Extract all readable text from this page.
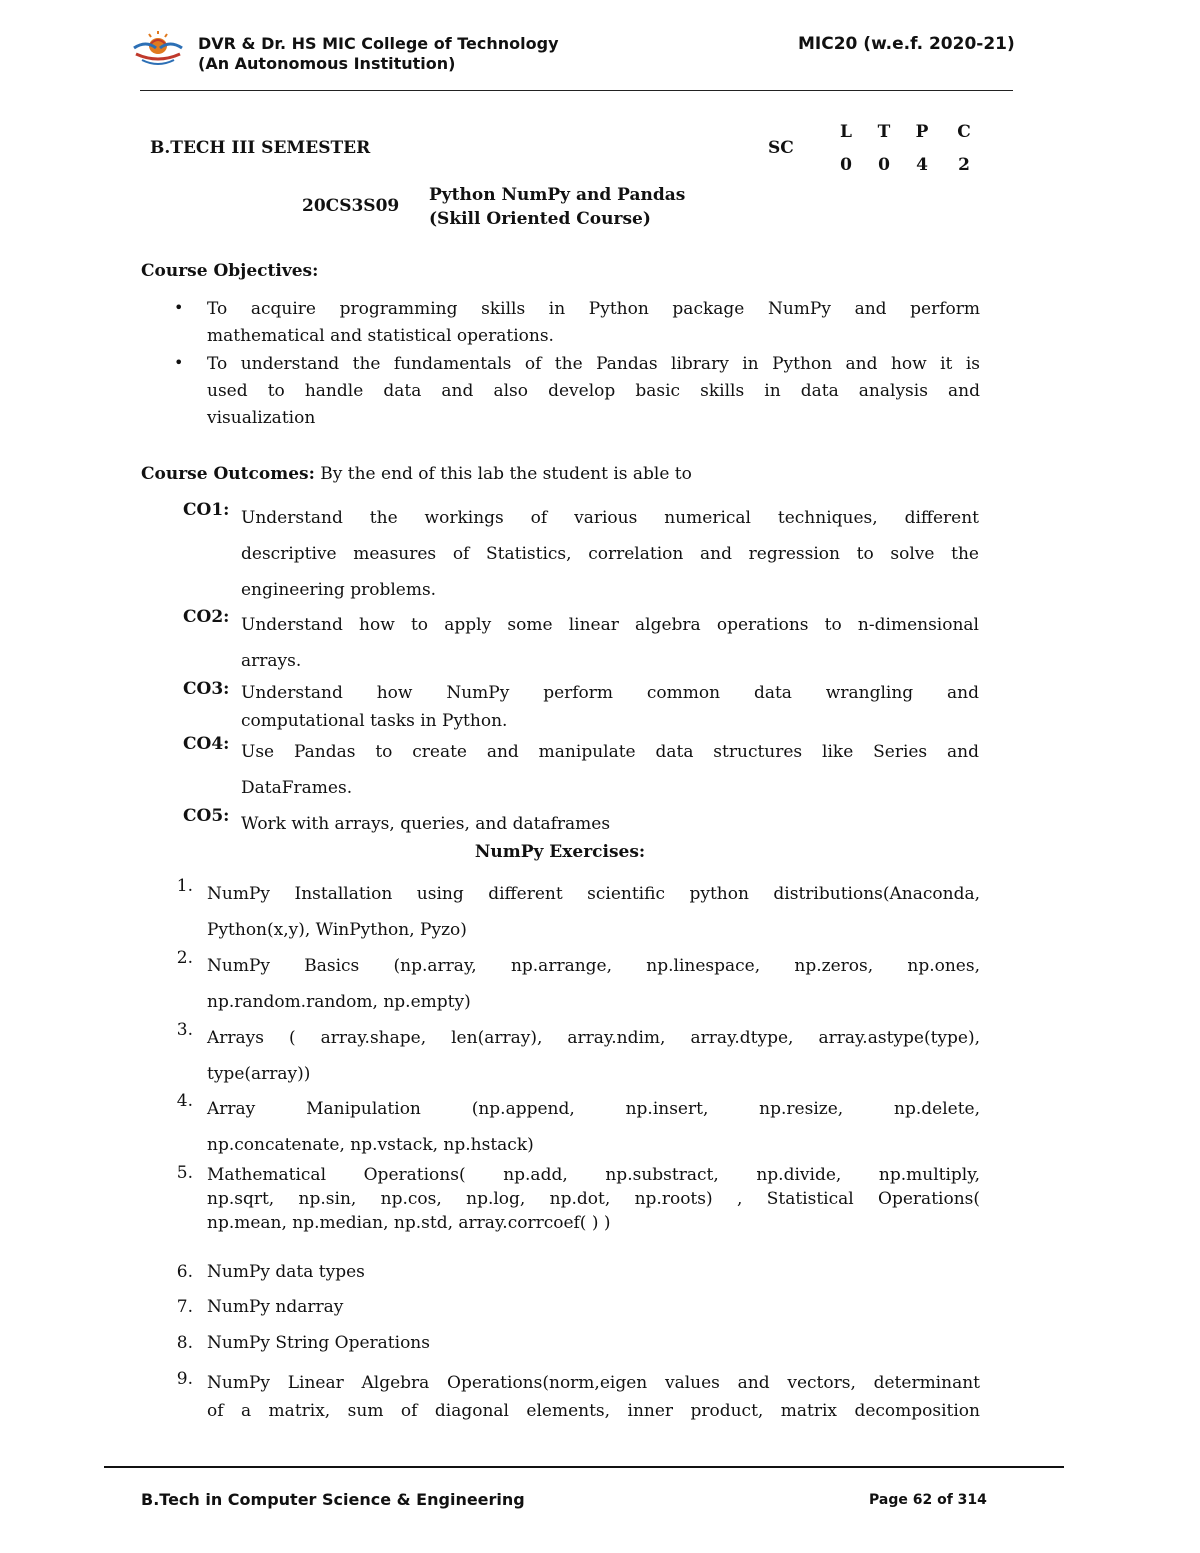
DVR & Dr. HS MIC College of Technology
(An Autonomous Institution)
MIC20 (w.e.f. 2020-21)
B.TECH III SEMESTER	SC
L	T	P	C
0	0	4	2
20CS3S09
Python NumPy and Pandas
(Skill Oriented Course)
Course Objectives:
• To acquire programming skills in Python package NumPy and perform
mathematical and statistical operations.
• To understand the fundamentals of the Pandas library in Python and how it is
used to handle data and also develop basic skills in data analysis and
visualization
Course Outcomes: By the end of this lab the student is able to
CO1: Understand the workings of various numerical techniques, different
descriptive measures of Statistics, correlation and regression to solve the
engineering problems.
CO2: Understand how to apply some linear algebra operations to n-dimensional
arrays.
CO3: Understand how NumPy perform common data wrangling and
computational tasks in Python.
CO4: Use Pandas to create and manipulate data structures like Series and
DataFrames.
CO5: Work with arrays, queries, and dataframes
NumPy Exercises:
1. NumPy Installation using different scientific python distributions(Anaconda,
Python(x,y), WinPython, Pyzo)
2. NumPy Basics (np.array, np.arrange, np.linespace, np.zeros, np.ones,
np.random.random, np.empty)
3. Arrays ( array.shape, len(array), array.ndim, array.dtype, array.astype(type),
type(array))
4. Array Manipulation (np.append, np.insert, np.resize, np.delete,
np.concatenate, np.vstack, np.hstack)
5. Mathematical Operations( np.add, np.substract, np.divide, np.multiply,
np.sqrt, np.sin, np.cos, np.log, np.dot, np.roots) , Statistical Operations(
np.mean, np.median, np.std, array.corrcoef( ) )
6. NumPy data types
7. NumPy ndarray
8. NumPy String Operations
9. NumPy Linear Algebra Operations(norm,eigen values and vectors, determinant
of a matrix, sum of diagonal elements, inner product, matrix decomposition
B.Tech in Computer Science & Engineering	Page 62 of 314
